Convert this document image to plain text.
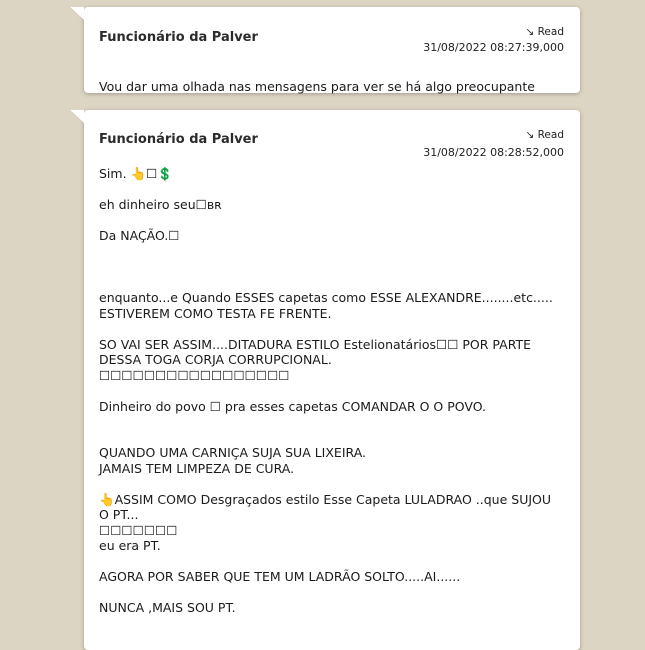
Funcionário da Palver	↘ Read
31/08/2022 08:27:39,000

Vou dar uma olhada nas mensagens para ver se há algo preocupante

Funcionário da Palver	↘ Read
31/08/2022 08:28:52,000
Sim. 👆☐💲

eh dinheiro seu☐ʙʀ

Da NAÇÃO.☐

enquanto...e Quando ESSES capetas como ESSE ALEXANDRE........etc.....
ESTIVEREM COMO TESTA FE FRENTE.

SO VAI SER ASSIM....DITADURA ESTILO Estelionatários☐☐ POR PARTE
DESSA TOGA CORJA CORRUPCIONAL.
☐☐☐☐☐☐☐☐☐☐☐☐☐☐☐☐☐

Dinheiro do povo ☐ pra esses capetas COMANDAR O O POVO.

QUANDO UMA CARNIÇA SUJA SUA LIXEIRA.
JAMAIS TEM LIMPEZA DE CURA.

👆ASSIM COMO Desgraçados estilo Esse Capeta LULADRAO ..que SUJOU
O PT...
☐☐☐☐☐☐☐
eu era PT.

AGORA POR SABER QUE TEM UM LADRÃO SOLTO.....AI......

NUNCA ,MAIS SOU PT.
